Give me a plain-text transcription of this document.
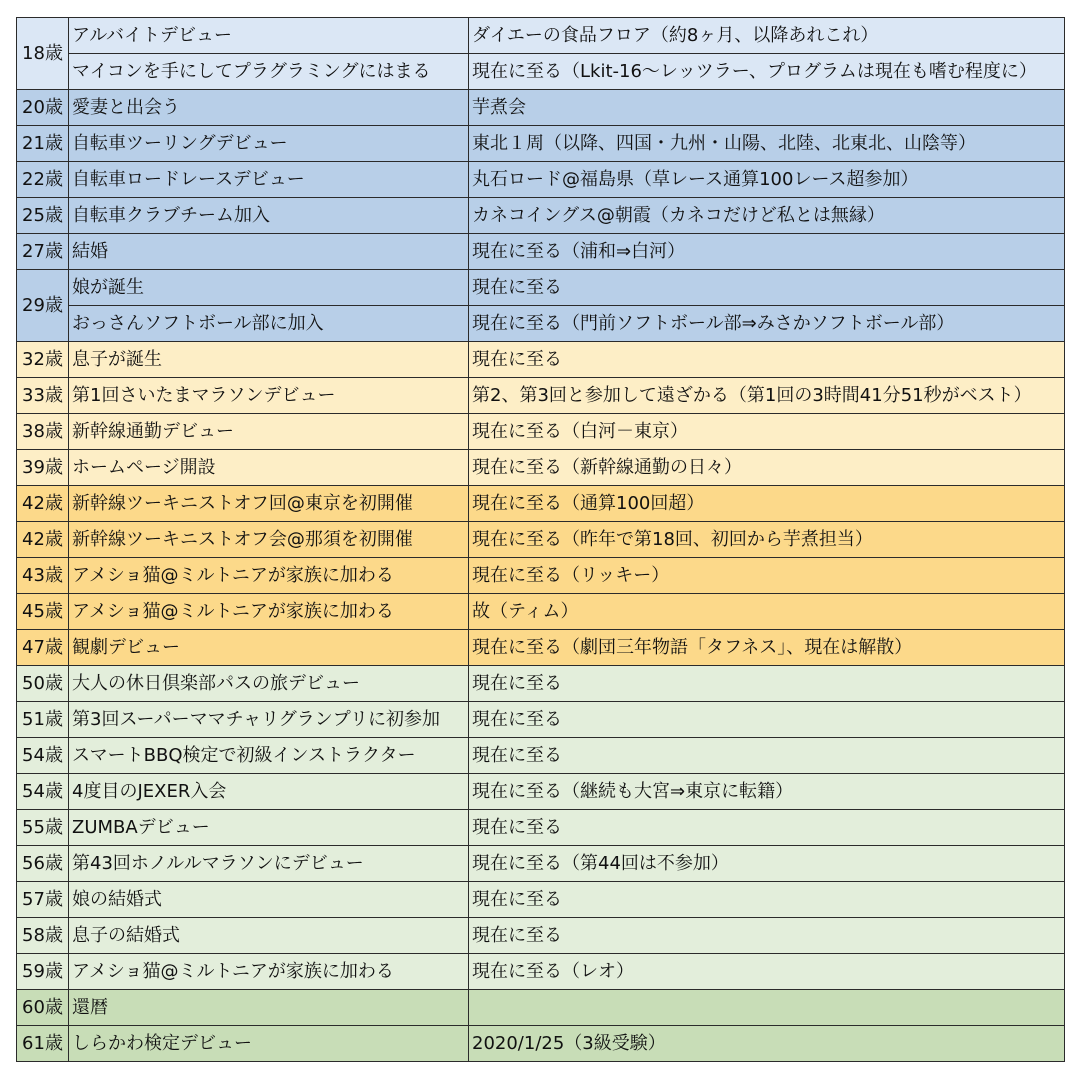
18歳	アルバイトデビュー	ダイエーの食品フロア（約8ヶ月、以降あれこれ）
	マイコンを手にしてプラグラミングにはまる	現在に至る（Lkit-16～レッツラー、プログラムは現在も嗜む程度に）
20歳	愛妻と出会う	芋煮会
21歳	自転車ツーリングデビュー	東北１周（以降、四国・九州・山陽、北陸、北東北、山陰等）
22歳	自転車ロードレースデビュー	丸石ロード@福島県（草レース通算100レース超参加）
25歳	自転車クラブチーム加入	カネコイングス@朝霞（カネコだけど私とは無縁）
27歳	結婚	現在に至る（浦和⇒白河）
29歳	娘が誕生	現在に至る
	おっさんソフトボール部に加入	現在に至る（門前ソフトボール部⇒みさかソフトボール部）
32歳	息子が誕生	現在に至る
33歳	第1回さいたまマラソンデビュー	第2、第3回と参加して遠ざかる（第1回の3時間41分51秒がベスト）
38歳	新幹線通勤デビュー	現在に至る（白河－東京）
39歳	ホームページ開設	現在に至る（新幹線通勤の日々）
42歳	新幹線ツーキニストオフ回@東京を初開催	現在に至る（通算100回超）
42歳	新幹線ツーキニストオフ会@那須を初開催	現在に至る（昨年で第18回、初回から芋煮担当）
43歳	アメショ猫@ミルトニアが家族に加わる	現在に至る（リッキー）
45歳	アメショ猫@ミルトニアが家族に加わる	故（ティム）
47歳	観劇デビュー	現在に至る（劇団三年物語「タフネス」、現在は解散）
50歳	大人の休日倶楽部パスの旅デビュー	現在に至る
51歳	第3回スーパーママチャリグランプリに初参加	現在に至る
54歳	スマートBBQ検定で初級インストラクター	現在に至る
54歳	4度目のJEXER入会	現在に至る（継続も大宮⇒東京に転籍）
55歳	ZUMBAデビュー	現在に至る
56歳	第43回ホノルルマラソンにデビュー	現在に至る（第44回は不参加）
57歳	娘の結婚式	現在に至る
58歳	息子の結婚式	現在に至る
59歳	アメショ猫@ミルトニアが家族に加わる	現在に至る（レオ）
60歳	還暦	
61歳	しらかわ検定デビュー	2020/1/25（3級受験）
